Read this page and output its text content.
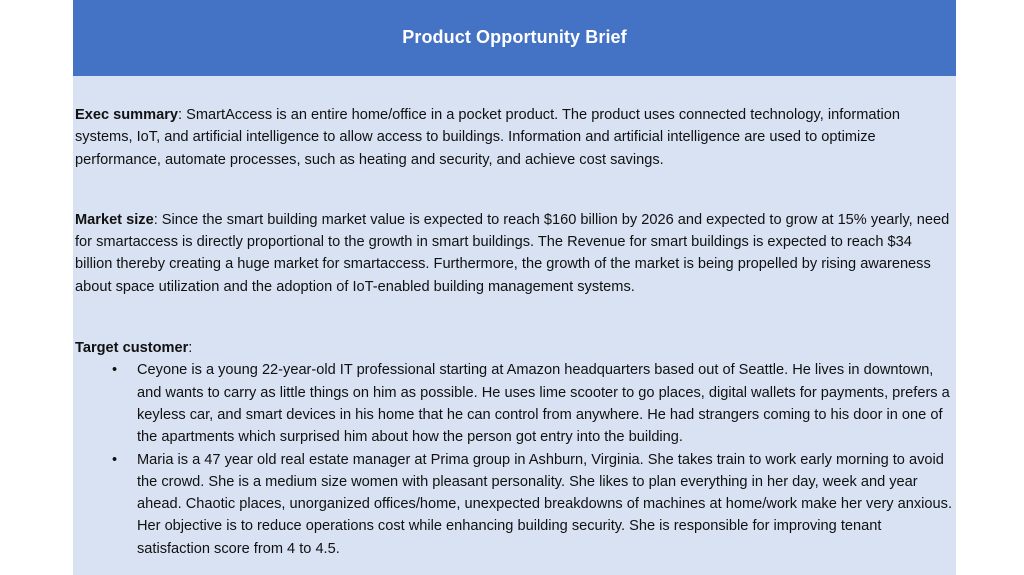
Product Opportunity Brief

Exec summary: SmartAccess is an entire home/office in a pocket product. The product uses connected technology, information systems, IoT, and artificial intelligence to allow access to buildings. Information and artificial intelligence are used to optimize performance, automate processes, such as heating and security, and achieve cost savings.

Market size: Since the smart building market value is expected to reach $160 billion by 2026 and expected to grow at 15% yearly, need for smartaccess is directly proportional to the growth in smart buildings. The Revenue for smart buildings is expected to reach $34 billion thereby creating a huge market for smartaccess. Furthermore, the growth of the market is being propelled by rising awareness about space utilization and the adoption of IoT-enabled building management systems.

Target customer:

• Ceyone is a young 22-year-old IT professional starting at Amazon headquarters based out of Seattle. He lives in downtown, and wants to carry as little things on him as possible. He uses lime scooter to go places, digital wallets for payments, prefers a keyless car, and smart devices in his home that he can control from anywhere. He had strangers coming to his door in one of the apartments which surprised him about how the person got entry into the building.
• Maria is a 47 year old real estate manager at Prima group in Ashburn, Virginia. She takes train to work early morning to avoid the crowd. She is a medium size women with pleasant personality. She likes to plan everything in her day, week and year ahead. Chaotic places, unorganized offices/home, unexpected breakdowns of machines at home/work make her very anxious. Her objective is to reduce operations cost while enhancing building security. She is responsible for improving tenant satisfaction score from 4 to 4.5.
